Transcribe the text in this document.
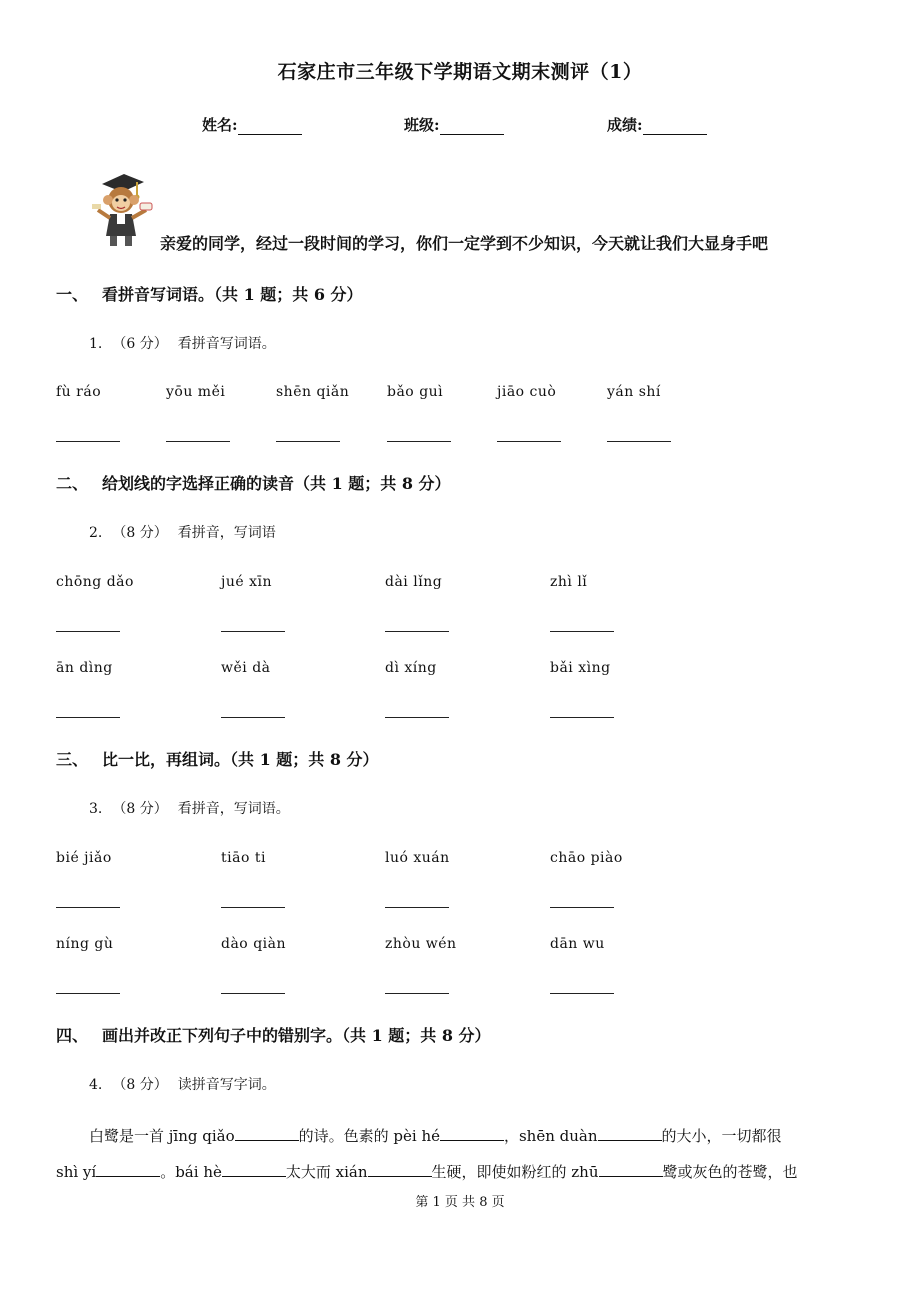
石家庄市三年级下学期语文期末测评（1）
姓名:	班级:	成绩:
亲爱的同学，经过一段时间的学习，你们一定学到不少知识，今天就让我们大显身手吧
一、 看拼音写词语。（共 1 题；共 6 分）
1. （6 分） 看拼音写词语。
fù ráo	yōu měi	shēn qiǎn	bǎo guì	jiāo cuò	yán shí
二、 给划线的字选择正确的读音（共 1 题；共 8 分）
2. （8 分） 看拼音，写词语
chōng dǎo	jué xīn	dài lǐng	zhì lǐ
ān dìng	wěi dà	dì xíng	bǎi xìng
三、 比一比，再组词。（共 1 题；共 8 分）
3. （8 分） 看拼音，写词语。
bié jiǎo	tiāo ti	luó xuán	chāo piào
níng gù	dào qiàn	zhòu wén	dān wu
四、 画出并改正下列句子中的错别字。（共 1 题；共 8 分）
4. （8 分） 读拼音写字词。
白鹭是一首 jīng qiǎo	的诗。色素的 pèi hé	，shēn duàn	的大小，一切都很
shì yí	。bái hè	太大而 xián	生硬，即使如粉红的 zhū	鹭或灰色的苍鹭，也
第 1 页 共 8 页
